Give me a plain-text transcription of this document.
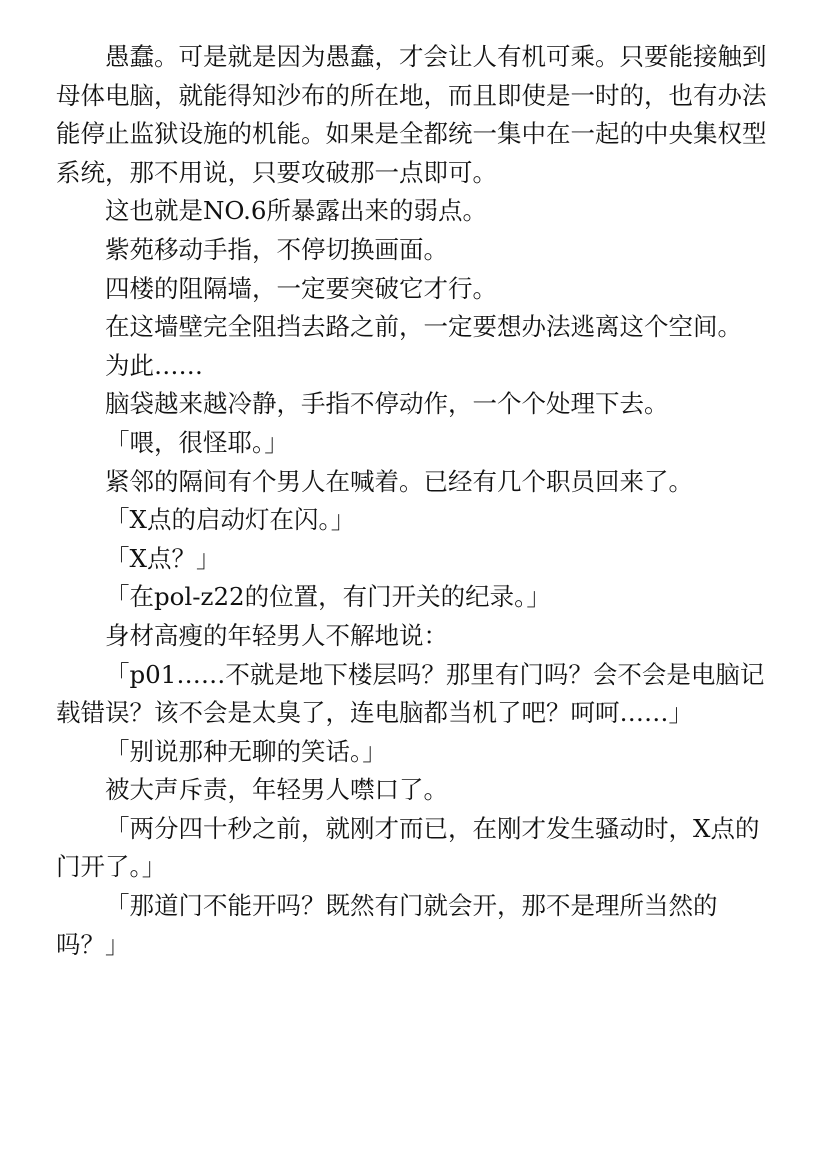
愚蠢。可是就是因为愚蠢，才会让人有机可乘。只要能接触到母体电脑，就能得知沙布的所在地，而且即使是一时的，也有办法能停止监狱设施的机能。如果是全都统一集中在一起的中央集权型系统，那不用说，只要攻破那一点即可。

这也就是NO.6所暴露出来的弱点。

紫苑移动手指，不停切换画面。

四楼的阻隔墙，一定要突破它才行。

在这墙壁完全阻挡去路之前，一定要想办法逃离这个空间。

为此……

脑袋越来越冷静，手指不停动作，一个个处理下去。

「喂，很怪耶。」

紧邻的隔间有个男人在喊着。已经有几个职员回来了。

「X点的启动灯在闪。」

「X点？」

「在pol-z22的位置，有门开关的纪录。」

身材高瘦的年轻男人不解地说：

「p01……不就是地下楼层吗？那里有门吗？会不会是电脑记载错误？该不会是太臭了，连电脑都当机了吧？呵呵……」

「别说那种无聊的笑话。」

被大声斥责，年轻男人噤口了。

「两分四十秒之前，就刚才而已，在刚才发生骚动时，X点的门开了。」

「那道门不能开吗？既然有门就会开，那不是理所当然的吗？」
